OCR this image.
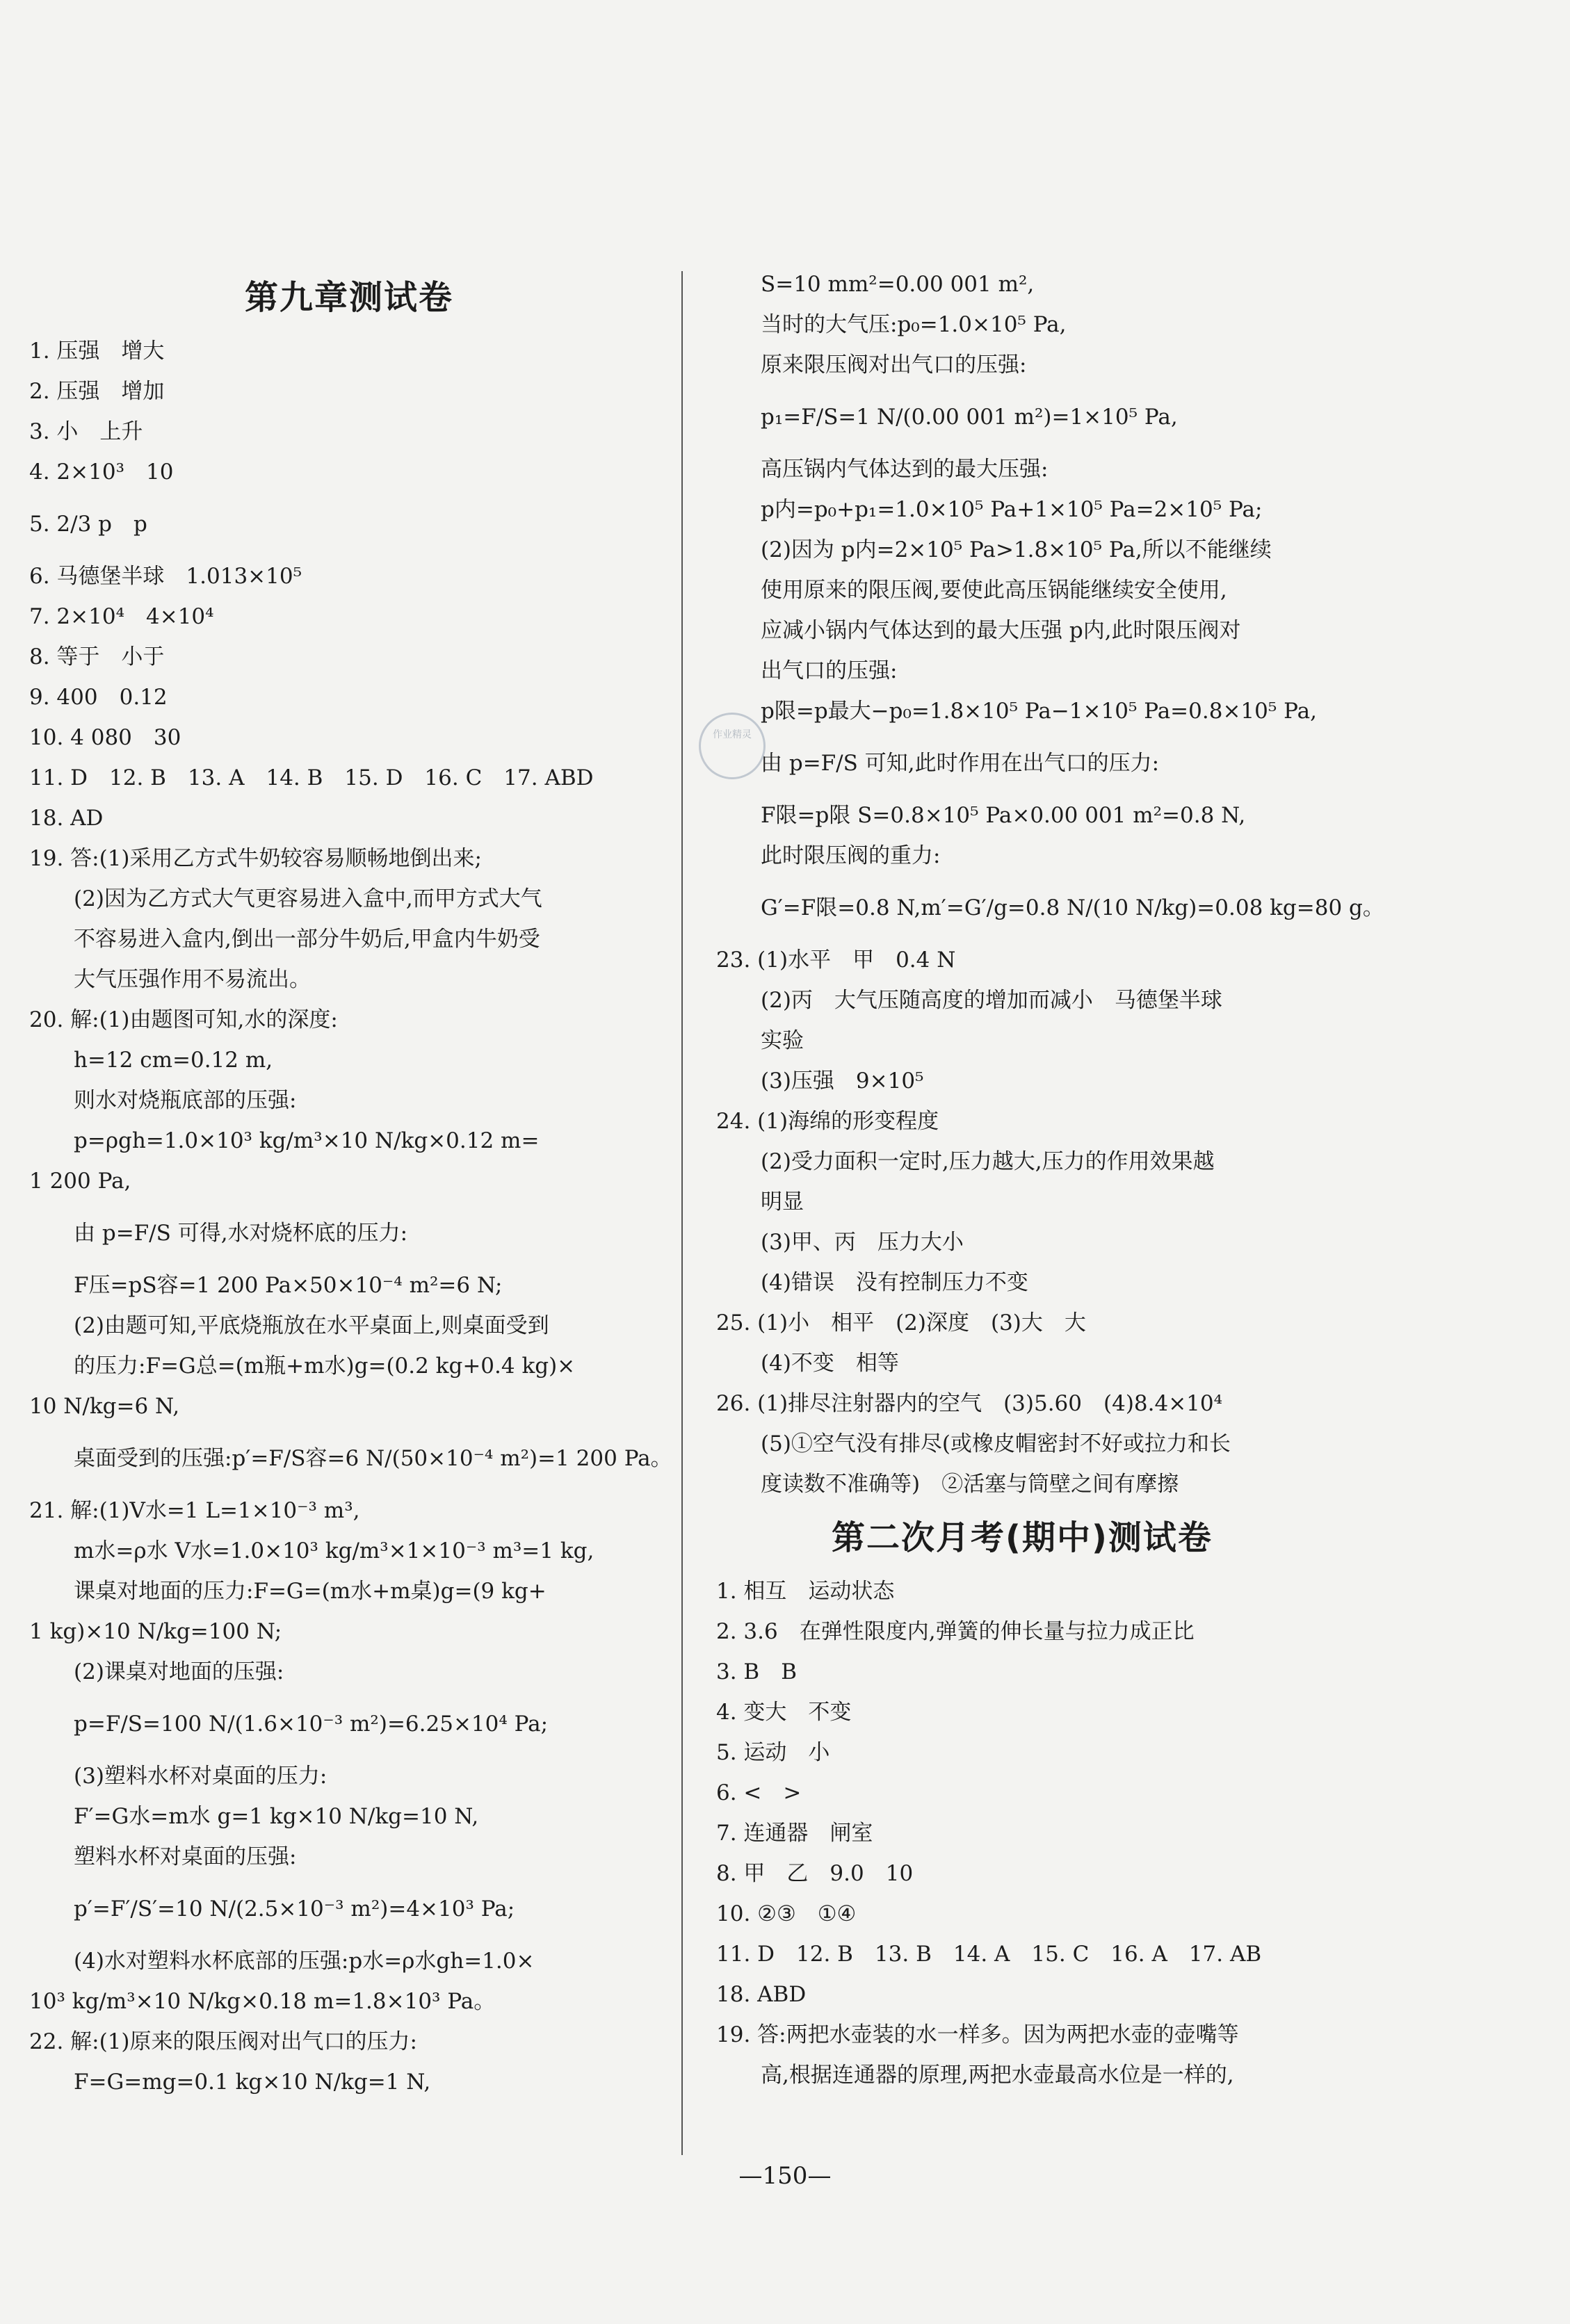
第九章测试卷
1. 压强　增大
2. 压强　增加
3. 小　上升
4. 2×10³　10
5. 2/3 p　p
6. 马德堡半球　1.013×10⁵
7. 2×10⁴　4×10⁴
8. 等于　小于
9. 400　0.12
10. 4 080　30
11. D　12. B　13. A　14. B　15. D　16. C　17. ABD
18. AD
19. 答:(1)采用乙方式牛奶较容易顺畅地倒出来;
(2)因为乙方式大气更容易进入盒中,而甲方式大气
不容易进入盒内,倒出一部分牛奶后,甲盒内牛奶受
大气压强作用不易流出。
20. 解:(1)由题图可知,水的深度:
h=12 cm=0.12 m,
则水对烧瓶底部的压强:
p=ρgh=1.0×10³ kg/m³×10 N/kg×0.12 m=
1 200 Pa,
由 p=F/S 可得,水对烧杯底的压力:
F压=pS容=1 200 Pa×50×10⁻⁴ m²=6 N;
(2)由题可知,平底烧瓶放在水平桌面上,则桌面受到
的压力:F=G总=(m瓶+m水)g=(0.2 kg+0.4 kg)×
10 N/kg=6 N,
桌面受到的压强:p′=F/S容=6 N/(50×10⁻⁴ m²)=1 200 Pa。
21. 解:(1)V水=1 L=1×10⁻³ m³,
m水=ρ水 V水=1.0×10³ kg/m³×1×10⁻³ m³=1 kg,
课桌对地面的压力:F=G=(m水+m桌)g=(9 kg+
1 kg)×10 N/kg=100 N;
(2)课桌对地面的压强:
p=F/S=100 N/(1.6×10⁻³ m²)=6.25×10⁴ Pa;
(3)塑料水杯对桌面的压力:
F′=G水=m水 g=1 kg×10 N/kg=10 N,
塑料水杯对桌面的压强:
p′=F′/S′=10 N/(2.5×10⁻³ m²)=4×10³ Pa;
(4)水对塑料水杯底部的压强:p水=ρ水gh=1.0×
10³ kg/m³×10 N/kg×0.18 m=1.8×10³ Pa。
22. 解:(1)原来的限压阀对出气口的压力:
F=G=mg=0.1 kg×10 N/kg=1 N,
S=10 mm²=0.00 001 m²,
当时的大气压:p₀=1.0×10⁵ Pa,
原来限压阀对出气口的压强:
p₁=F/S=1 N/(0.00 001 m²)=1×10⁵ Pa,
高压锅内气体达到的最大压强:
p内=p₀+p₁=1.0×10⁵ Pa+1×10⁵ Pa=2×10⁵ Pa;
(2)因为 p内=2×10⁵ Pa>1.8×10⁵ Pa,所以不能继续
使用原来的限压阀,要使此高压锅能继续安全使用,
应减小锅内气体达到的最大压强 p内,此时限压阀对
出气口的压强:
p限=p最大−p₀=1.8×10⁵ Pa−1×10⁵ Pa=0.8×10⁵ Pa,
由 p=F/S 可知,此时作用在出气口的压力:
F限=p限 S=0.8×10⁵ Pa×0.00 001 m²=0.8 N,
此时限压阀的重力:
G′=F限=0.8 N,m′=G′/g=0.8 N/(10 N/kg)=0.08 kg=80 g。
23. (1)水平　甲　0.4 N
(2)丙　大气压随高度的增加而减小　马德堡半球
实验
(3)压强　9×10⁵
24. (1)海绵的形变程度
(2)受力面积一定时,压力越大,压力的作用效果越
明显
(3)甲、丙　压力大小
(4)错误　没有控制压力不变
25. (1)小　相平　(2)深度　(3)大　大
(4)不变　相等
26. (1)排尽注射器内的空气　(3)5.60　(4)8.4×10⁴
(5)①空气没有排尽(或橡皮帽密封不好或拉力和长
度读数不准确等)　②活塞与筒壁之间有摩擦
第二次月考(期中)测试卷
1. 相互　运动状态
2. 3.6　在弹性限度内,弹簧的伸长量与拉力成正比
3. B　B
4. 变大　不变
5. 运动　小
6. <　>
7. 连通器　闸室
8. 甲　乙　9.0　10
10. ②③　①④
11. D　12. B　13. B　14. A　15. C　16. A　17. AB
18. ABD
19. 答:两把水壶装的水一样多。因为两把水壶的壶嘴等
高,根据连通器的原理,两把水壶最高水位是一样的,
作业精灵
—150—
